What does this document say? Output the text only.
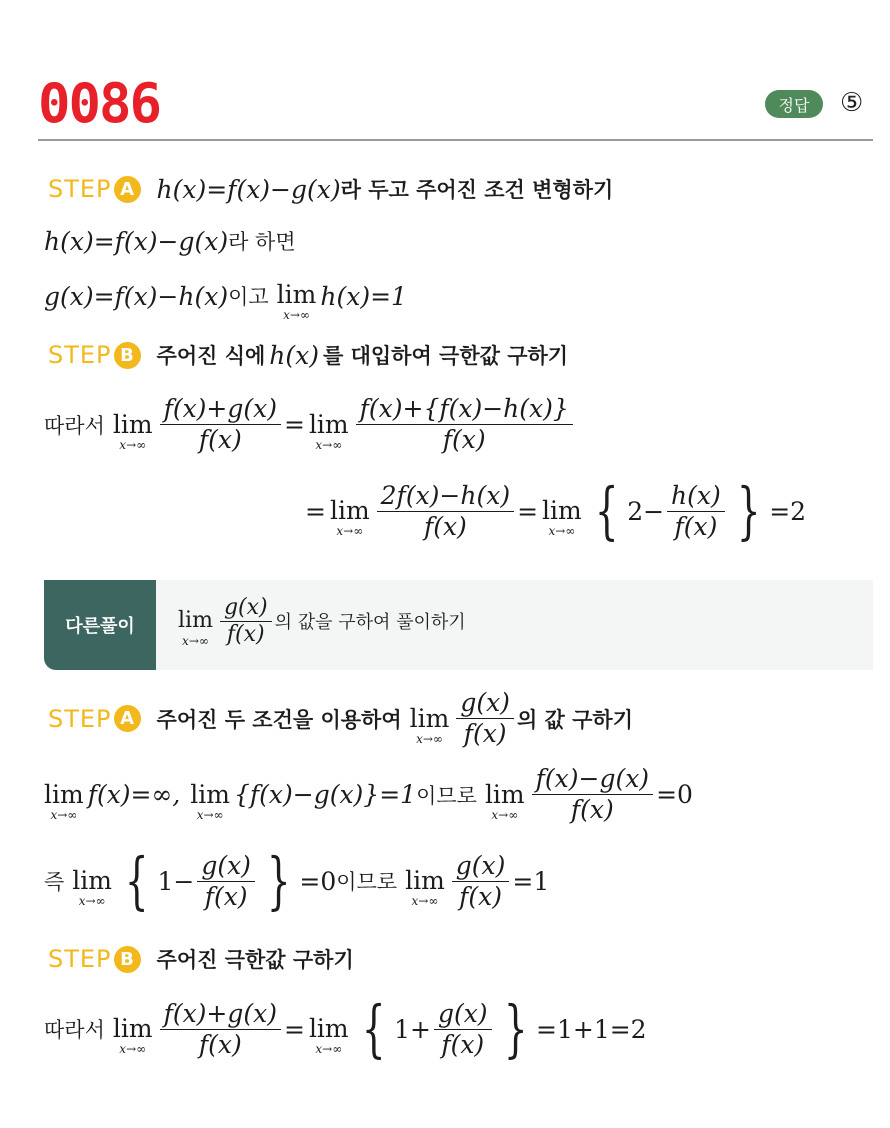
0086	정답 ⑤
STEP A h(x)=f(x)−g(x) 라 두고 주어진 조건 변형하기
h(x)=f(x)−g(x) 라 하면
g(x)=f(x)−h(x) 이고 lim
x→∞
h(x)=1
STEP B	주어진 식에 h(x) 를 대입하여 극한값 구하기
따라서 lim
$x\to\infty \frac{f(x)+g(x)}{f(x)} = \lim$
$x\to\infty \frac{f(x)+\{f(x)-h(x)\}}{f(x)}$
= lim
$x\to\infty \frac{2f(x)-h(x)}{f(x)} = \lim$
x→∞ { $2- \frac{h(x)}{f(x)}$ } =2
다른풀이 lim
$x\to\infty \frac{g(x)}{f(x)}$ 의 값을 구하여 풀이하기
STEP A	주어진 두 조건을 이용하여 lim
$x\to\infty \frac{g(x)}{f(x)}$ 의 값 구하기
lim
x→∞
f(x)=∞, lim
x→∞
{f(x)−g(x)}=1 이므로 lim
$x\to\infty \frac{f(x)-g(x)}{f(x)} =0$
즉 lim
x→∞ { $1- \frac{g(x)}{f(x)}$ } =0 이므로 lim
$x\to\infty \frac{g(x)}{f(x)} =1$
STEP B	주어진 극한값 구하기
따라서 lim
$x\to\infty \frac{f(x)+g(x)}{f(x)} = \lim$
x→∞ { $1+ \frac{g(x)}{f(x)}$ } =1+1=2
